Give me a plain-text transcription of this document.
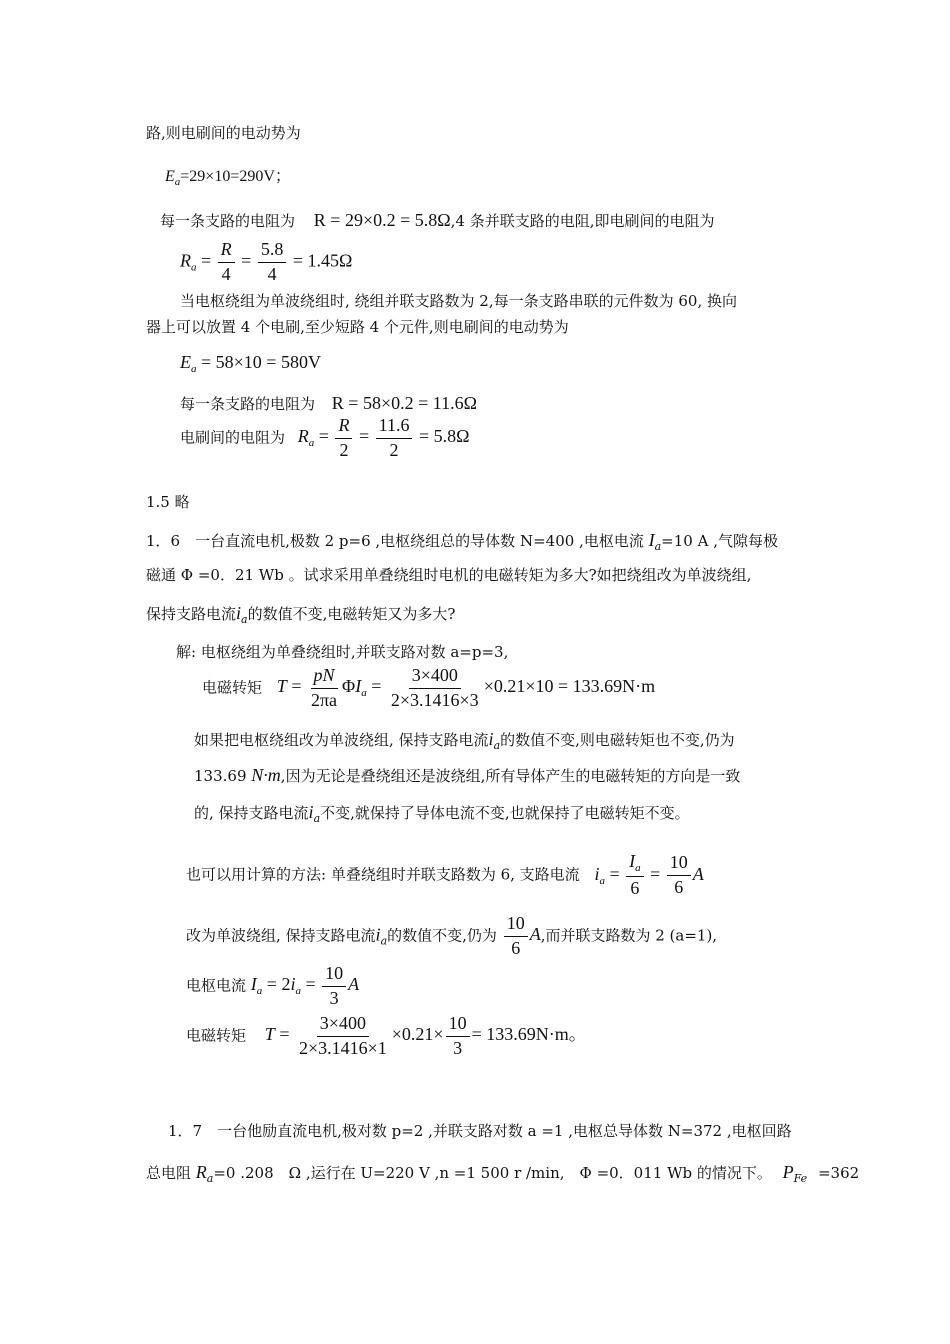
路,则电刷间的电动势为
$E_a=29\times 10=290V$；
每一条支路的电阻为 R = 29×0.2 = 5.8Ω,4 条并联支路的电阻,即电刷间的电阻为
$R_a = \frac{R}{4} = \frac{5.8}{4} = 1.45\Omega$
当电枢绕组为单波绕组时, 绕组并联支路数为 2,每一条支路串联的元件数为 60, 换向
器上可以放置 4 个电刷,至少短路 4 个元件,则电刷间的电动势为
$E_a = 58\times 10 = 580V$
每一条支路的电阻为 R = 58×0.2 = 11.6Ω
电刷间的电阻为 $R_a = \frac{R}{2} = \frac{11.6}{2} = 5.8\Omega$
1.5 略
1．6　一台直流电机,极数 2 p=6 ,电枢绕组总的导体数 N=400 ,电枢电流 $I_a=10$ A ,气隙每极
磁通 Φ =0．21 Wb 。试求采用单叠绕组时电机的电磁转矩为多大?如把绕组改为单波绕组,
保持支路电流$i_a$的数值不变,电磁转矩又为多大?
解: 电枢绕组为单叠绕组时,并联支路对数 a=p=3,
电磁转矩 $T = \frac{pN}{2\pi a} \Phi I_a = \frac{3\times 400}{2\times 3.1416\times 3} \times 0.21\times 10 = 133.69N\cdot m$
如果把电枢绕组改为单波绕组, 保持支路电流$i_a$的数值不变,则电磁转矩也不变,仍为
133.69 N·m,因为无论是叠绕组还是波绕组,所有导体产生的电磁转矩的方向是一致
的, 保持支路电流$i_a$不变,就保持了导体电流不变,也就保持了电磁转矩不变。
也可以用计算的方法: 单叠绕组时并联支路数为 6, 支路电流 $i_a = \frac{I_a}{6} = \frac{10}{6}$ A
改为单波绕组, 保持支路电流$i_a$的数值不变,仍为 $\frac{10}{6} A$,而并联支路数为 2 (a=1),
电枢电流 $I_a = 2i_a = \frac{10}{3}$ A
电磁转矩 $T = \frac{3\times 400}{2\times 3.1416\times 1} \times 0.21\times \frac{10}{3} = 133.69N\cdot m$。
1．7　一台他励直流电机,极对数 p=2 ,并联支路对数 a =1 ,电枢总导体数 N=372 ,电枢回路
总电阻 $R_a=0$ .208　Ω ,运行在 U=220 V ,n =1 500 r /min,　Φ =0．011 Wb 的情况下。 $P_{Fe} =362$
